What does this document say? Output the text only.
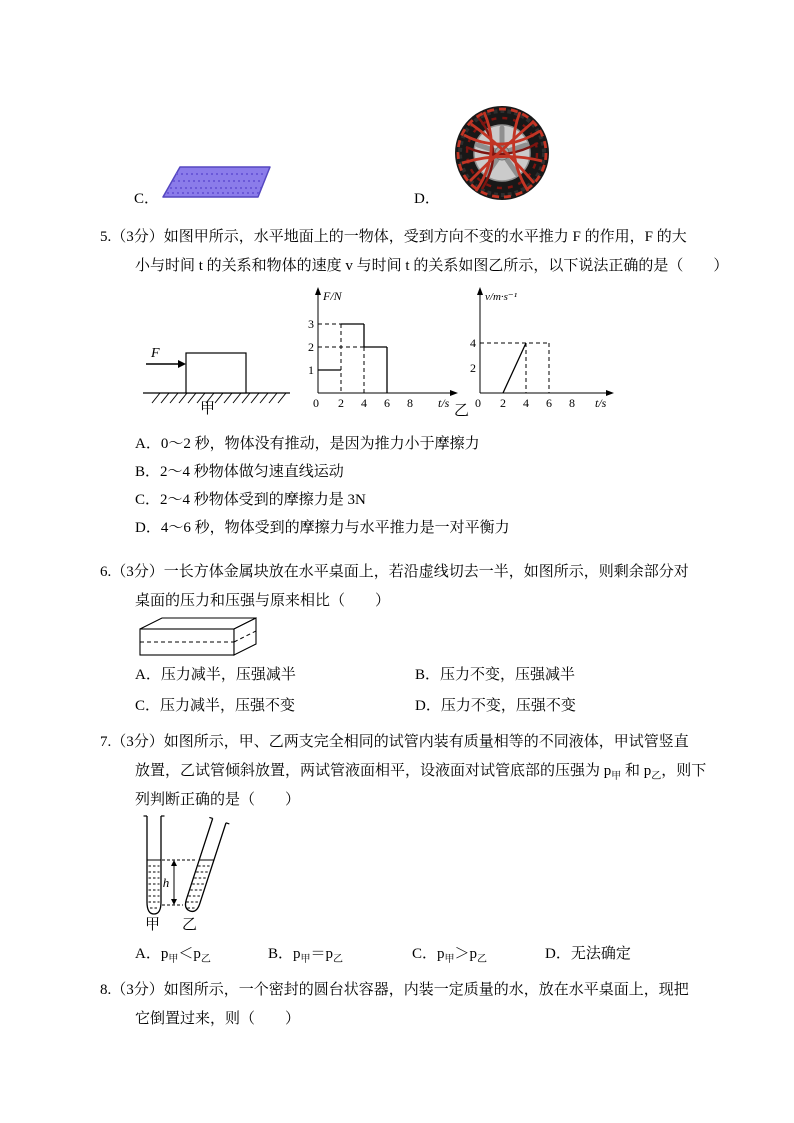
C．	D．
5.（3分）如图甲所示，水平地面上的一物体，受到方向不变的水平推力 F 的作用，F 的大
小与时间 t 的关系和物体的速度 v 与时间 t 的关系如图乙所示，以下说法正确的是（　　）
F
甲
F/N
3
2
1
0 2 4 6 8 t/s 乙
v/m·s⁻¹
4
2
0 2 4 6 8 t/s
A．0～2 秒，物体没有推动，是因为推力小于摩擦力
B．2～4 秒物体做匀速直线运动
C．2～4 秒物体受到的摩擦力是 3N
D．4～6 秒，物体受到的摩擦力与水平推力是一对平衡力
6.（3分）一长方体金属块放在水平桌面上，若沿虚线切去一半，如图所示，则剩余部分对
桌面的压力和压强与原来相比（　　）
A．压力减半，压强减半	B．压力不变，压强减半
C．压力减半，压强不变	D．压力不变，压强不变
7.（3分）如图所示，甲、乙两支完全相同的试管内装有质量相等的不同液体，甲试管竖直
放置，乙试管倾斜放置，两试管液面相平，设液面对试管底部的压强为 $p_甲$ 和 $p_乙$，则下
列判断正确的是（　　）
h
甲 乙
A．$p_甲<p_乙$	B．$p_甲=p_乙$	C．$p_甲>p_乙$	D．无法确定
8.（3分）如图所示，一个密封的圆台状容器，内装一定质量的水，放在水平桌面上，现把
它倒置过来，则（　　）
